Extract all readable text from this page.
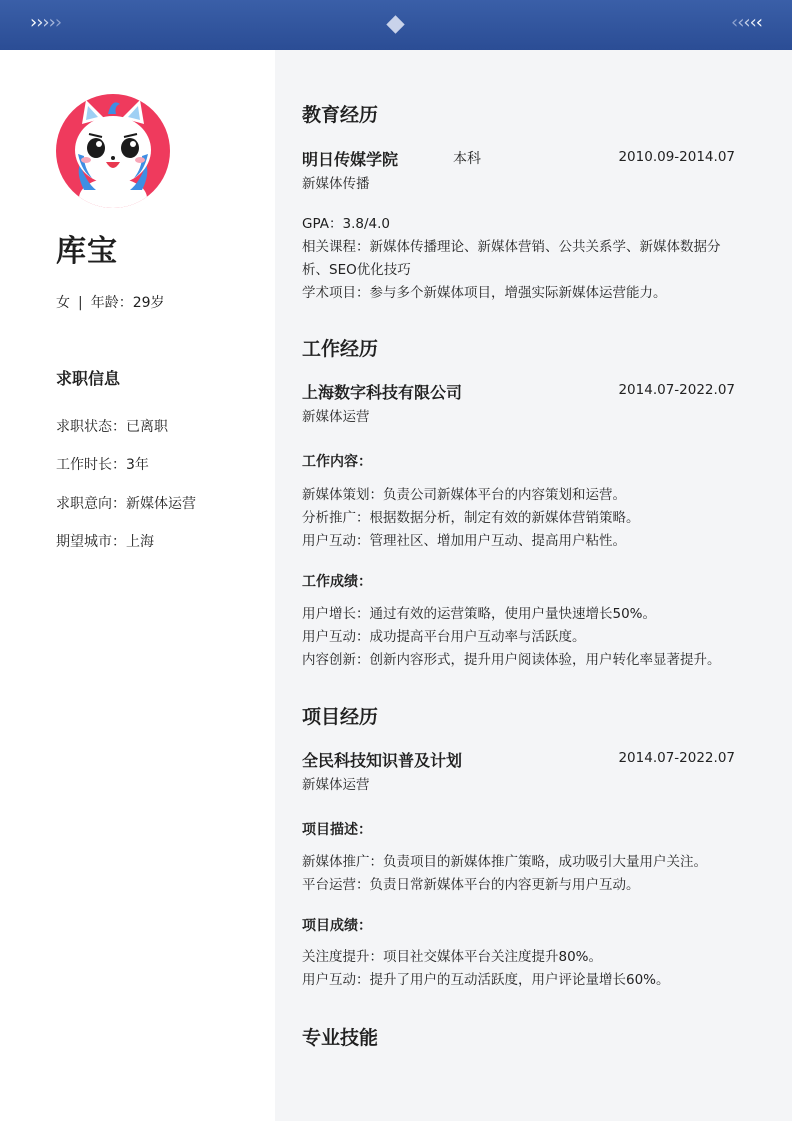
› › › › ›	‹ ‹ ‹ ‹ ‹
库宝
女 | 年龄：29岁
求职信息
求职状态：已离职
工作时长：3年
求职意向：新媒体运营
期望城市：上海
教育经历
明日传媒学院	本科	2010.09-2014.07
新媒体传播
GPA：3.8/4.0
相关课程：新媒体传播理论、新媒体营销、公共关系学、新媒体数据分析、SEO优化技巧
学术项目：参与多个新媒体项目，增强实际新媒体运营能力。
工作经历
上海数字科技有限公司	2014.07-2022.07
新媒体运营
工作内容：
新媒体策划：负责公司新媒体平台的内容策划和运营。
分析推广：根据数据分析，制定有效的新媒体营销策略。
用户互动：管理社区、增加用户互动、提高用户粘性。
工作成绩：
用户增长：通过有效的运营策略，使用户量快速增长50%。
用户互动：成功提高平台用户互动率与活跃度。
内容创新：创新内容形式，提升用户阅读体验，用户转化率显著提升。
项目经历
全民科技知识普及计划	2014.07-2022.07
新媒体运营
项目描述：
新媒体推广：负责项目的新媒体推广策略，成功吸引大量用户关注。
平台运营：负责日常新媒体平台的内容更新与用户互动。
项目成绩：
关注度提升：项目社交媒体平台关注度提升80%。
用户互动：提升了用户的互动活跃度，用户评论量增长60%。
专业技能
